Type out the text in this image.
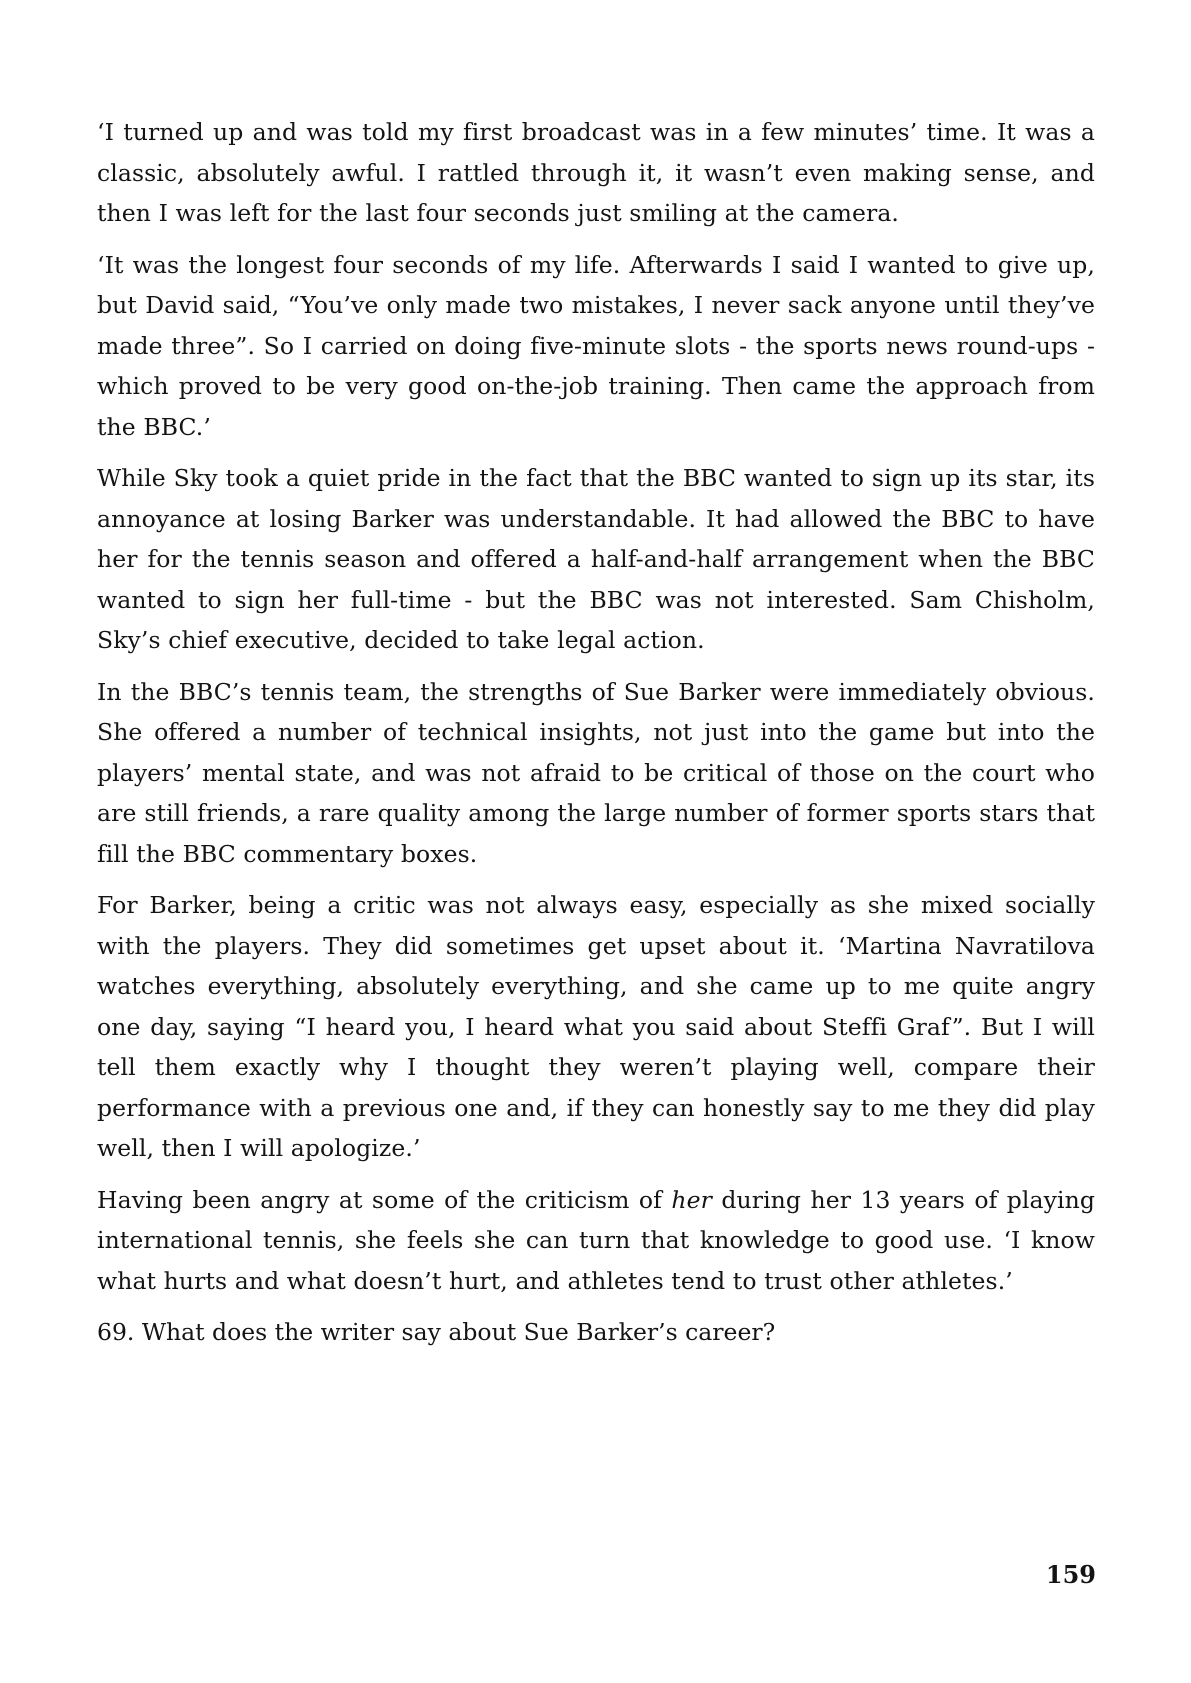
‘I turned up and was told my first broadcast was in a few minutes’ time. It was a classic, absolutely awful. I rattled through it, it wasn’t even making sense, and then I was left for the last four seconds just smiling at the camera.

‘It was the longest four seconds of my life. Afterwards I said I wanted to give up, but David said, “You’ve only made two mistakes, I never sack anyone until they’ve made three”. So I carried on doing five-minute slots - the sports news round-ups - which proved to be very good on-the-job training. Then came the approach from the BBC.’

While Sky took a quiet pride in the fact that the BBC wanted to sign up its star, its annoyance at losing Barker was understandable. It had allowed the BBC to have her for the tennis season and offered a half-and-half arrangement when the BBC wanted to sign her full-time - but the BBC was not interested. Sam Chisholm, Sky’s chief executive, decided to take legal action.

In the BBC’s tennis team, the strengths of Sue Barker were immediately obvious. She offered a number of technical insights, not just into the game but into the players’ mental state, and was not afraid to be critical of those on the court who are still friends, a rare quality among the large number of former sports stars that fill the BBC commentary boxes.

For Barker, being a critic was not always easy, especially as she mixed socially with the players. They did sometimes get upset about it. ‘Martina Navratilova watches everything, absolutely everything, and she came up to me quite angry one day, saying “I heard you, I heard what you said about Steffi Graf”. But I will tell them exactly why I thought they weren’t playing well, compare their performance with a previous one and, if they can honestly say to me they did play well, then I will apologize.’

Having been angry at some of the criticism of her during her 13 years of playing international tennis, she feels she can turn that knowledge to good use. ‘I know what hurts and what doesn’t hurt, and athletes tend to trust other athletes.’

69. What does the writer say about Sue Barker’s career?

159
